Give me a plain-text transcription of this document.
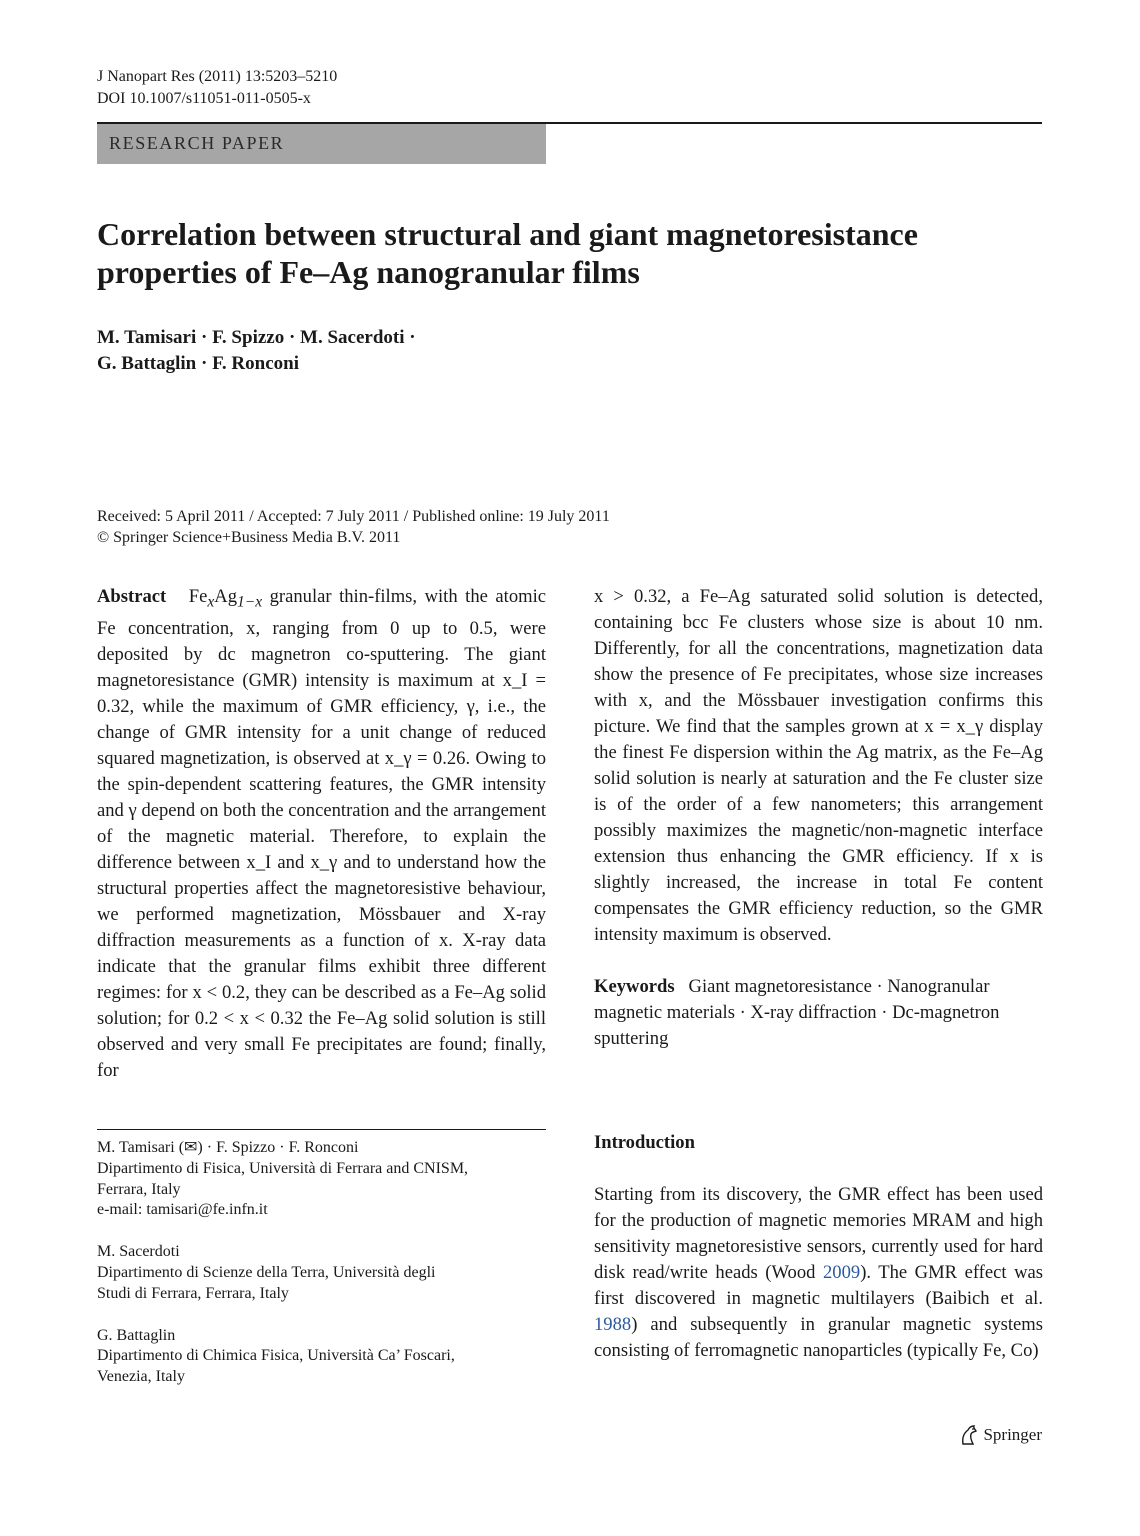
J Nanopart Res (2011) 13:5203–5210
DOI 10.1007/s11051-011-0505-x
RESEARCH PAPER
Correlation between structural and giant magnetoresistance
properties of Fe–Ag nanogranular films
M. Tamisari · F. Spizzo · M. Sacerdoti ·
G. Battaglin · F. Ronconi
Received: 5 April 2011 / Accepted: 7 July 2011 / Published online: 19 July 2011
© Springer Science+Business Media B.V. 2011

Abstract $Fe_xAg_{1-x}$ granular thin-films, with the atomic Fe concentration, x, ranging from 0 up to 0.5, were deposited by dc magnetron co-sputtering. The giant magnetoresistance (GMR) intensity is maximum at x_I = 0.32, while the maximum of GMR efficiency, γ, i.e., the change of GMR intensity for a unit change of reduced squared magnetization, is observed at x_γ = 0.26. Owing to the spin-dependent scattering features, the GMR intensity and γ depend on both the concentration and the arrangement of the magnetic material. Therefore, to explain the difference between x_I and x_γ and to understand how the structural properties affect the magnetoresistive behaviour, we performed magnetization, Mössbauer and X-ray diffraction measurements as a function of x. X-ray data indicate that the granular films exhibit three different regimes: for x < 0.2, they can be described as a Fe–Ag solid solution; for 0.2 < x < 0.32 the Fe–Ag solid solution is still observed and very small Fe precipitates are found; finally, for

x > 0.32, a Fe–Ag saturated solid solution is detected, containing bcc Fe clusters whose size is about 10 nm. Differently, for all the concentrations, magnetization data show the presence of Fe precipitates, whose size increases with x, and the Mössbauer investigation confirms this picture. We find that the samples grown at x = x_γ display the finest Fe dispersion within the Ag matrix, as the Fe–Ag solid solution is nearly at saturation and the Fe cluster size is of the order of a few nanometers; this arrangement possibly maximizes the magnetic/non-magnetic interface extension thus enhancing the GMR efficiency. If x is slightly increased, the increase in total Fe content compensates the GMR efficiency reduction, so the GMR intensity maximum is observed.

Keywords Giant magnetoresistance · Nanogranular magnetic materials · X-ray diffraction · Dc-magnetron sputtering

M. Tamisari (✉) · F. Spizzo · F. Ronconi
Dipartimento di Fisica, Università di Ferrara and CNISM,
Ferrara, Italy
e-mail: tamisari@fe.infn.it

M. Sacerdoti
Dipartimento di Scienze della Terra, Università degli
Studi di Ferrara, Ferrara, Italy

G. Battaglin
Dipartimento di Chimica Fisica, Università Ca’ Foscari,
Venezia, Italy

Introduction

Starting from its discovery, the GMR effect has been used for the production of magnetic memories MRAM and high sensitivity magnetoresistive sensors, currently used for hard disk read/write heads (Wood 2009). The GMR effect was first discovered in magnetic multilayers (Baibich et al. 1988) and subsequently in granular magnetic systems consisting of ferromagnetic nanoparticles (typically Fe, Co)

Springer
